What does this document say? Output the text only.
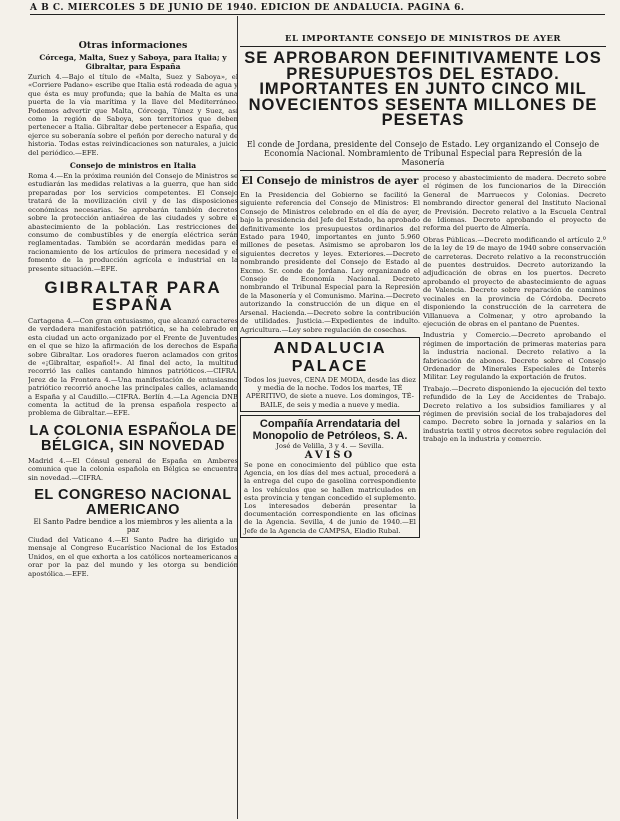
A B C. MIERCOLES 5 DE JUNIO DE 1940. EDICION DE ANDALUCIA. PAGINA 6.
Otras informaciones
Córcega, Malta, Suez y Saboya, para Italia; y Gibraltar, para España

Zurich 4.—Bajo el título de «Malta, Suez y Saboya», el «Corriere Padano» escribe que Italia está rodeada de agua y que ésta es muy profunda; que la bahía de Malta es una puerta de la vía marítima y la llave del Mediterráneo. Podemos advertir que Malta, Córcega, Túnez y Suez, así como la región de Saboya, son territorios que deben pertenecer a Italia. Gibraltar debe pertenecer a España, que ejerce su soberanía sobre el peñón por derecho natural y de historia. Todas estas reivindicaciones son naturales, a juicio del periódico.—EFE.

Consejo de ministros en Italia

Roma 4.—En la próxima reunión del Consejo de Ministros se estudiarán las medidas relativas a la guerra, que han sido preparadas por los servicios competentes. El Consejo tratará de la movilización civil y de las disposiciones económicas necesarias. Se aprobarán también decretos sobre la protección antiaérea de las ciudades y sobre el abastecimiento de la población. Las restricciones del consumo de combustibles y de energía eléctrica serán reglamentadas. También se acordarán medidas para el racionamiento de los artículos de primera necesidad y el fomento de la producción agrícola e industrial en la presente situación.—EFE.

GIBRALTAR PARA ESPAÑA

Cartagena 4.—Con gran entusiasmo, que alcanzó caracteres de verdadera manifestación patriótica, se ha celebrado en esta ciudad un acto organizado por el Frente de Juventudes en el que se hizo la afirmación de los derechos de España sobre Gibraltar. Los oradores fueron aclamados con gritos de «¡Gibraltar, español!». Al final del acto, la multitud recorrió las calles cantando himnos patrióticos.—CIFRA. Jerez de la Frontera 4.—Una manifestación de entusiasmo patriótico recorrió anoche las principales calles, aclamando a España y al Caudillo.—CIFRA. Berlín 4.—La Agencia DNB comenta la actitud de la prensa española respecto al problema de Gibraltar.—EFE.

LA COLONIA ESPAÑOLA DE BÉLGICA, SIN NOVEDAD

Madrid 4.—El Cónsul general de España en Amberes comunica que la colonia española en Bélgica se encuentra sin novedad.—CIFRA.

EL CONGRESO NACIONAL AMERICANO
El Santo Padre bendice a los miembros y les alienta a la paz

Ciudad del Vaticano 4.—El Santo Padre ha dirigido un mensaje al Congreso Eucarístico Nacional de los Estados Unidos, en el que exhorta a los católicos norteamericanos a orar por la paz del mundo y les otorga su bendición apostólica.—EFE.

EL IMPORTANTE CONSEJO DE MINISTROS DE AYER
SE APROBARON DEFINITIVAMENTE LOS PRESUPUESTOS DEL ESTADO. IMPORTANTES EN JUNTO CINCO MIL NOVECIENTOS SESENTA MILLONES DE PESETAS
El conde de Jordana, presidente del Consejo de Estado. Ley organizando el Consejo de Economía Nacional. Nombramiento de Tribunal Especial para Represión de la Masonería
El Consejo de ministros de ayer

En la Presidencia del Gobierno se facilitó la siguiente referencia del Consejo de Ministros: El Consejo de Ministros celebrado en el día de ayer, bajo la presidencia del Jefe del Estado, ha aprobado definitivamente los presupuestos ordinarios del Estado para 1940, importantes en junto 5.960 millones de pesetas. Asimismo se aprobaron los siguientes decretos y leyes. Exteriores.—Decreto nombrando presidente del Consejo de Estado al Excmo. Sr. conde de Jordana. Ley organizando el Consejo de Economía Nacional. Decreto nombrando el Tribunal Especial para la Represión de la Masonería y el Comunismo. Marina.—Decreto autorizando la construcción de un dique en el Arsenal. Hacienda.—Decreto sobre la contribución de utilidades. Justicia.—Expedientes de indulto. Agricultura.—Ley sobre regulación de cosechas.

ANDALUCIA PALACE
Todos los jueves, CENA DE MODA, desde las diez y media de la noche. Todos los martes, TÉ APERITIVO, de siete a nueve. Los domingos, TÉ-BAILE, de seis y media a nueve y media.
Compañía Arrendataria del Monopolio de Petróleos, S. A.
José de Velilla, 3 y 4. — Sevilla.
AVISO

Se pone en conocimiento del público que esta Agencia, en los días del mes actual, procederá a la entrega del cupo de gasolina correspondiente a los vehículos que se hallen matriculados en esta provincia y tengan concedido el suplemento. Los interesados deberán presentar la documentación correspondiente en las oficinas de la Agencia. Sevilla, 4 de junio de 1940.—El Jefe de la Agencia de CAMPSA, Eladio Rubal.

proceso y abastecimiento de madera. Decreto sobre el régimen de los funcionarios de la Dirección General de Marruecos y Colonias. Decreto nombrando director general del Instituto Nacional de Previsión. Decreto relativo a la Escuela Central de Idiomas. Decreto aprobando el proyecto de reforma del puerto de Almería.

Obras Públicas.—Decreto modificando el artículo 2.º de la ley de 19 de mayo de 1940 sobre conservación de carreteras. Decreto relativo a la reconstrucción de puentes destruidos. Decreto autorizando la adjudicación de obras en los puertos. Decreto aprobando el proyecto de abastecimiento de aguas de Valencia. Decreto sobre reparación de caminos vecinales en la provincia de Córdoba. Decreto disponiendo la construcción de la carretera de Villanueva a Colmenar, y otro aprobando la ejecución de obras en el pantano de Puentes.

Industria y Comercio.—Decreto aprobando el régimen de importación de primeras materias para la industria nacional. Decreto relativo a la fabricación de abonos. Decreto sobre el Consejo Ordenador de Minerales Especiales de Interés Militar. Ley regulando la exportación de frutos.

Trabajo.—Decreto disponiendo la ejecución del texto refundido de la Ley de Accidentes de Trabajo. Decreto relativo a los subsidios familiares y al régimen de previsión social de los trabajadores del campo. Decreto sobre la jornada y salarios en la industria textil y otros decretos sobre regulación del trabajo en la industria y comercio.
